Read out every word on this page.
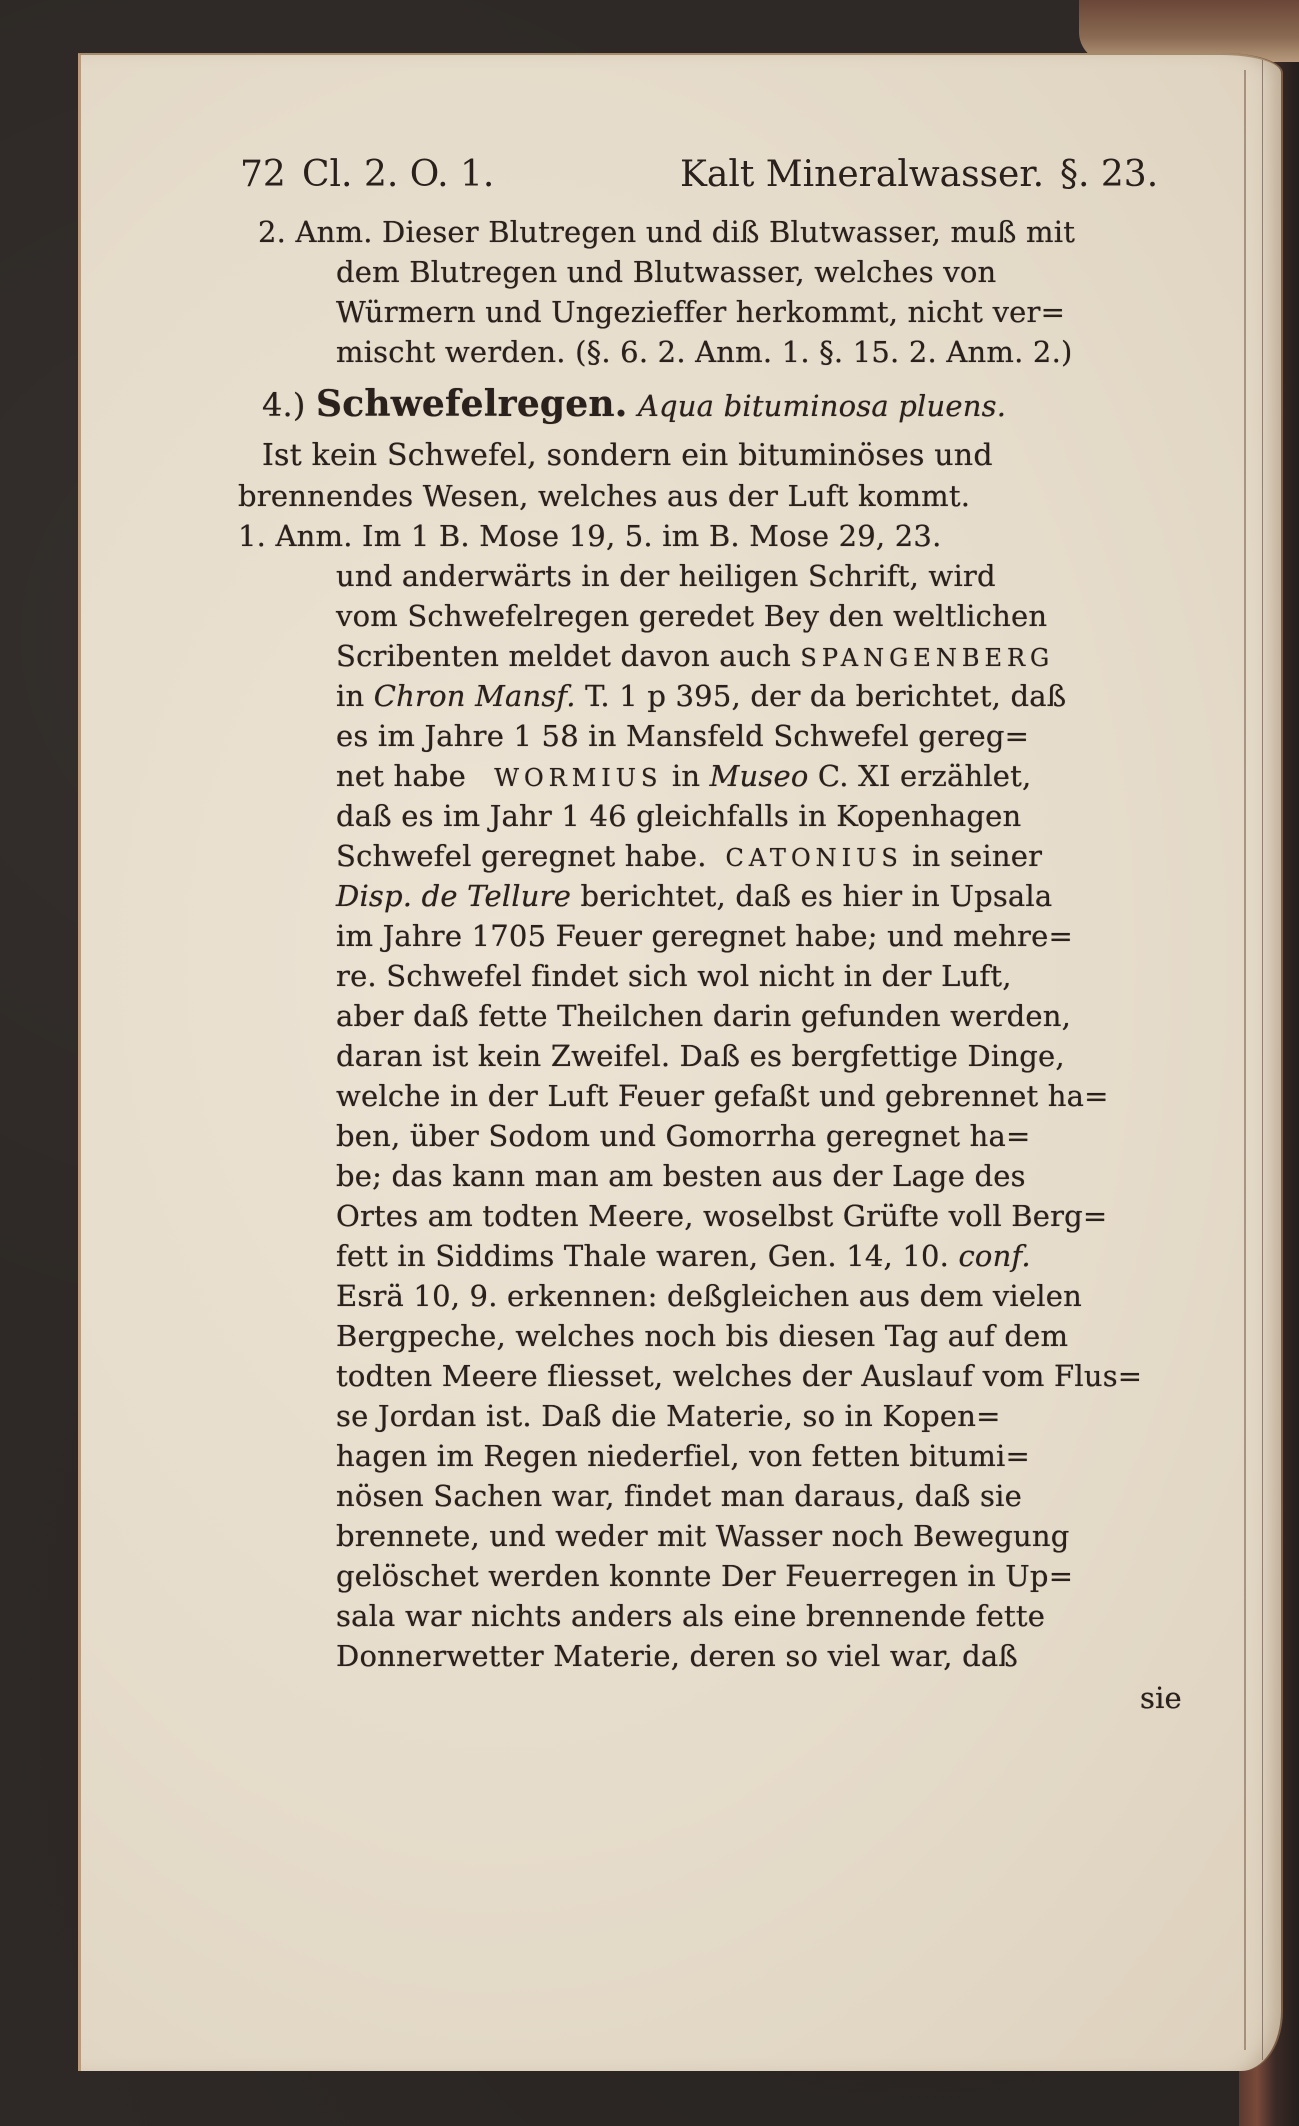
72 Cl. 2. O. 1.	Kalt Mineralwasser. §. 23.
2. Anm. Dieser Blutregen und diß Blutwasser, muß mit
dem Blutregen und Blutwasser, welches von
Würmern und Ungezieffer herkommt, nicht ver=
mischt werden. (§. 6. 2. Anm. 1. §. 15. 2. Anm. 2.)
4.) Schwefelregen. Aqua bituminosa pluens.
Ist kein Schwefel, sondern ein bituminöses und
brennendes Wesen, welches aus der Luft kommt.
1. Anm. Im 1 B. Mose 19, 5. im B. Mose 29, 23.
und anderwärts in der heiligen Schrift, wird
vom Schwefelregen geredet Bey den weltlichen
Scribenten meldet davon auch SPANGENBERG
in Chron Mansf. T. 1 p 395, der da berichtet, daß
es im Jahre 1 58 in Mansfeld Schwefel gereg=
net habe WORMIUS in Museo C. XI erzählet,
daß es im Jahr 1 46 gleichfalls in Kopenhagen
Schwefel geregnet habe. CATONIUS in seiner
Disp. de Tellure berichtet, daß es hier in Upsala
im Jahre 1705 Feuer geregnet habe; und mehre=
re. Schwefel findet sich wol nicht in der Luft,
aber daß fette Theilchen darin gefunden werden,
daran ist kein Zweifel. Daß es bergfettige Dinge,
welche in der Luft Feuer gefaßt und gebrennet ha=
ben, über Sodom und Gomorrha geregnet ha=
be; das kann man am besten aus der Lage des
Ortes am todten Meere, woselbst Grüfte voll Berg=
fett in Siddims Thale waren, Gen. 14, 10. conf.
Esrä 10, 9. erkennen: deßgleichen aus dem vielen
Bergpeche, welches noch bis diesen Tag auf dem
todten Meere fliesset, welches der Auslauf vom Flus=
se Jordan ist. Daß die Materie, so in Kopen=
hagen im Regen niederfiel, von fetten bitumi=
nösen Sachen war, findet man daraus, daß sie
brennete, und weder mit Wasser noch Bewegung
gelöschet werden konnte Der Feuerregen in Up=
sala war nichts anders als eine brennende fette
Donnerwetter Materie, deren so viel war, daß
sie
